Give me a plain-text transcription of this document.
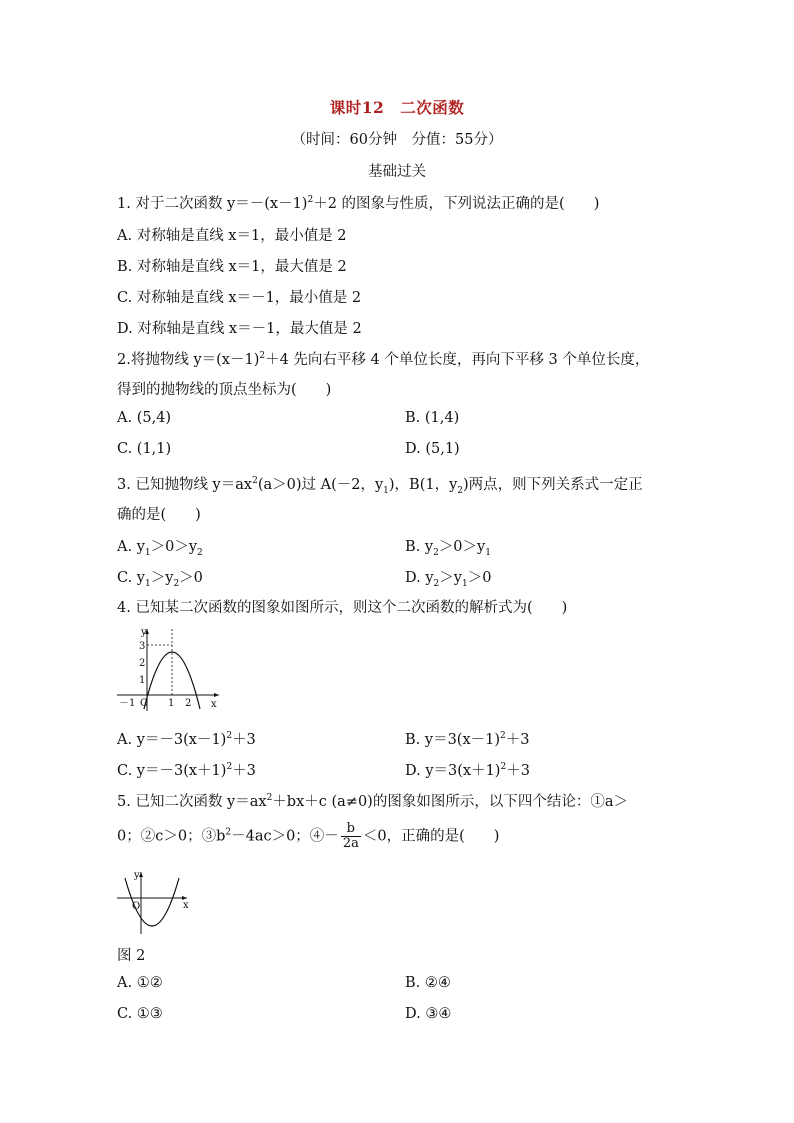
课时12　二次函数
（时间：60分钟　分值：55分）
基础过关
1. 对于二次函数 $y=-(x-1)^2+2$ 的图象与性质，下列说法正确的是(　　)
A. 对称轴是直线 x＝1，最小值是 2
B. 对称轴是直线 x＝1，最大值是 2
C. 对称轴是直线 x＝－1，最小值是 2
D. 对称轴是直线 x＝－1，最大值是 2
2.将抛物线 $y=(x-1)^2+4$ 先向右平移 4 个单位长度，再向下平移 3 个单位长度，
得到的抛物线的顶点坐标为(　　)
A. (5,4)	B. (1,4)
C. (1,1)	D. (5,1)
3. 已知抛物线 $y=ax^2(a>0)$过 A(－2，$y_1$)，B(1，$y_2$)两点，则下列关系式一定正
确的是(　　)
A. $y_1>0>y_2$	B. $y_2>0>y_1$
C. $y_1>y_2>0$	D. $y_2>y_1>0$
4. 已知某二次函数的图象如图所示，则这个二次函数的解析式为(　　)
y
x
O
3
2
1
－1	1 2
A. $y=-3(x-1)^2+3$	B. $y=3(x-1)^2+3$
C. $y=-3(x+1)^2+3$	D. $y=3(x+1)^2+3$
5. 已知二次函数 $y=ax^2+bx+c$ (a≠0)的图象如图所示，以下四个结论：①a＞
0；②c＞0；$③b^2-4ac>0$；④－ $\frac{b}{2a} <0$，正确的是(　　)
y
x
O
图 2
A. ①②	B. ②④
C. ①③	D. ③④
